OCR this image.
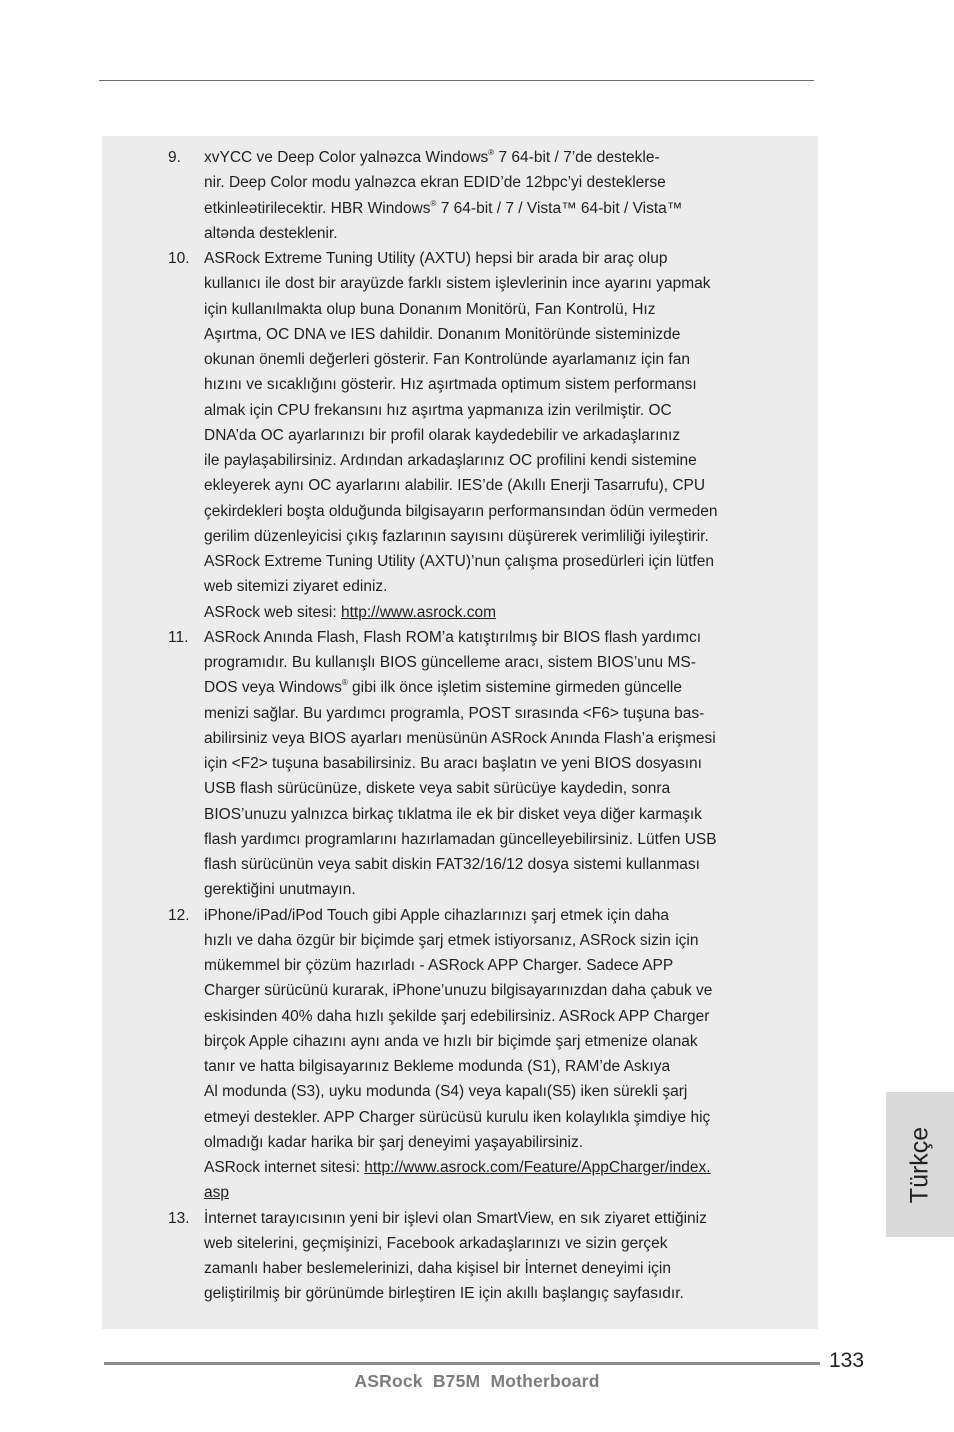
9. xvYCC ve Deep Color yalnəzca Windows® 7 64-bit / 7’de destekle-
nir. Deep Color modu yalnəzca ekran EDID’de 12bpc’yi desteklerse
etkinleətirilecektir. HBR Windows® 7 64-bit / 7 / Vista™ 64-bit / Vista™
altənda desteklenir.
10. ASRock Extreme Tuning Utility (AXTU) hepsi bir arada bir araç olup
kullanıcı ile dost bir arayüzde farklı sistem işlevlerinin ince ayarını yapmak
için kullanılmakta olup buna Donanım Monitörü, Fan Kontrolü, Hız
Aşırtma, OC DNA ve IES dahildir. Donanım Monitöründe sisteminizde
okunan önemli değerleri gösterir. Fan Kontrolünde ayarlamanız için fan
hızını ve sıcaklığını gösterir. Hız aşırtmada optimum sistem performansı
almak için CPU frekansını hız aşırtma yapmanıza izin verilmiştir. OC
DNA’da OC ayarlarınızı bir profil olarak kaydedebilir ve arkadaşlarınız
ile paylaşabilirsiniz. Ardından arkadaşlarınız OC profilini kendi sistemine
ekleyerek aynı OC ayarlarını alabilir. IES’de (Akıllı Enerji Tasarrufu), CPU
çekirdekleri boşta olduğunda bilgisayarın performansından ödün vermeden
gerilim düzenleyicisi çıkış fazlarının sayısını düşürerek verimliliği iyileştirir.
ASRock Extreme Tuning Utility (AXTU)’nun çalışma prosedürleri için lütfen
web sitemizi ziyaret ediniz.
ASRock web sitesi: http://www.asrock.com
11. ASRock Anında Flash, Flash ROM’a katıştırılmış bir BIOS flash yardımcı
programıdır. Bu kullanışlı BIOS güncelleme aracı, sistem BIOS’unu MS-
DOS veya Windows® gibi ilk önce işletim sistemine girmeden güncelle
menizi sağlar. Bu yardımcı programla, POST sırasında <F6> tuşuna bas-
abilirsiniz veya BIOS ayarları menüsünün ASRock Anında Flash’a erişmesi
için <F2> tuşuna basabilirsiniz. Bu aracı başlatın ve yeni BIOS dosyasını
USB flash sürücünüze, diskete veya sabit sürücüye kaydedin, sonra
BIOS’unuzu yalnızca birkaç tıklatma ile ek bir disket veya diğer karmaşık
flash yardımcı programlarını hazırlamadan güncelleyebilirsiniz. Lütfen USB
flash sürücünün veya sabit diskin FAT32/16/12 dosya sistemi kullanması
gerektiğini unutmayın.
12. iPhone/iPad/iPod Touch gibi Apple cihazlarınızı şarj etmek için daha
hızlı ve daha özgür bir biçimde şarj etmek istiyorsanız, ASRock sizin için
mükemmel bir çözüm hazırladı - ASRock APP Charger. Sadece APP
Charger sürücünü kurarak, iPhone’unuzu bilgisayarınızdan daha çabuk ve
eskisinden 40% daha hızlı şekilde şarj edebilirsiniz. ASRock APP Charger
birçok Apple cihazını aynı anda ve hızlı bir biçimde şarj etmenize olanak
tanır ve hatta bilgisayarınız Bekleme modunda (S1), RAM’de Askıya
Al modunda (S3), uyku modunda (S4) veya kapalı(S5) iken sürekli şarj
etmeyi destekler. APP Charger sürücüsü kurulu iken kolaylıkla şimdiye hiç
olmadığı kadar harika bir şarj deneyimi yaşayabilirsiniz.
ASRock internet sitesi: http://www.asrock.com/Feature/AppCharger/index.
asp
13. İnternet tarayıcısının yeni bir işlevi olan SmartView, en sık ziyaret ettiğiniz
web sitelerini, geçmişinizi, Facebook arkadaşlarınızı ve sizin gerçek
zamanlı haber beslemelerinizi, daha kişisel bir İnternet deneyimi için
geliştirilmiş bir görünümde birleştiren IE için akıllı başlangıç sayfasıdır.
Türkçe
133
ASRock  B75M  Motherboard
